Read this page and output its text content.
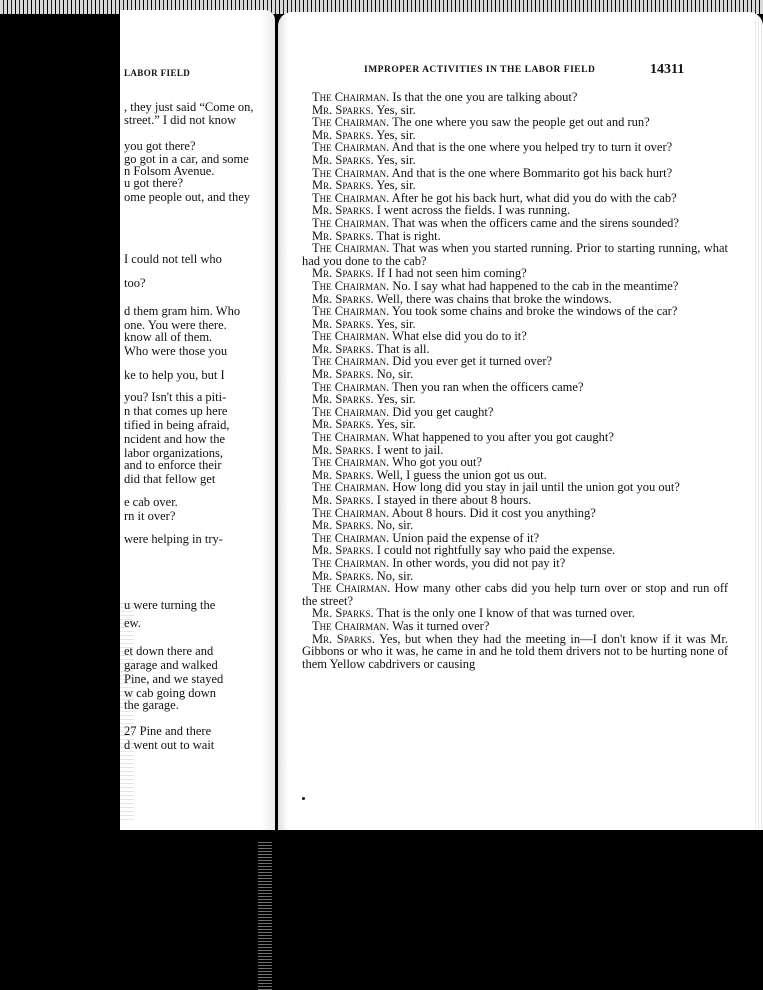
LABOR FIELD
, they just said “Come on,
street.” I did not know
you got there?
go got in a car, and some
n Folsom Avenue.
u got there?
ome people out, and they
I could not tell who
too?
d them gram him. Who
one. You were there.
know all of them.
Who were those you
ke to help you, but I
you? Isn't this a piti-
n that comes up here
tified in being afraid,
ncident and how the
labor organizations,
and to enforce their
did that fellow get
e cab over.
rn it over?
were helping in try-
u were turning the
ew.
et down there and
garage and walked
Pine, and we stayed
w cab going down
the garage.
27 Pine and there
d went out to wait
IMPROPER ACTIVITIES IN THE LABOR FIELD	14311

The Chairman. Is that the one you are talking about?

Mr. Sparks. Yes, sir.

The Chairman. The one where you saw the people get out and run?

Mr. Sparks. Yes, sir.

The Chairman. And that is the one where you helped try to turn it over?

Mr. Sparks. Yes, sir.

The Chairman. And that is the one where Bommarito got his back hurt?

Mr. Sparks. Yes, sir.

The Chairman. After he got his back hurt, what did you do with the cab?

Mr. Sparks. I went across the fields. I was running.

The Chairman. That was when the officers came and the sirens sounded?

Mr. Sparks. That is right.

The Chairman. That was when you started running. Prior to starting running, what had you done to the cab?

Mr. Sparks. If I had not seen him coming?

The Chairman. No. I say what had happened to the cab in the meantime?

Mr. Sparks. Well, there was chains that broke the windows.

The Chairman. You took some chains and broke the windows of the car?

Mr. Sparks. Yes, sir.

The Chairman. What else did you do to it?

Mr. Sparks. That is all.

The Chairman. Did you ever get it turned over?

Mr. Sparks. No, sir.

The Chairman. Then you ran when the officers came?

Mr. Sparks. Yes, sir.

The Chairman. Did you get caught?

Mr. Sparks. Yes, sir.

The Chairman. What happened to you after you got caught?

Mr. Sparks. I went to jail.

The Chairman. Who got you out?

Mr. Sparks. Well, I guess the union got us out.

The Chairman. How long did you stay in jail until the union got you out?

Mr. Sparks. I stayed in there about 8 hours.

The Chairman. About 8 hours. Did it cost you anything?

Mr. Sparks. No, sir.

The Chairman. Union paid the expense of it?

Mr. Sparks. I could not rightfully say who paid the expense.

The Chairman. In other words, you did not pay it?

Mr. Sparks. No, sir.

The Chairman. How many other cabs did you help turn over or stop and run off the street?

Mr. Sparks. That is the only one I know of that was turned over.

The Chairman. Was it turned over?

Mr. Sparks. Yes, but when they had the meeting in—I don't know if it was Mr. Gibbons or who it was, he came in and he told them drivers not to be hurting none of them Yellow cabdrivers or causing
